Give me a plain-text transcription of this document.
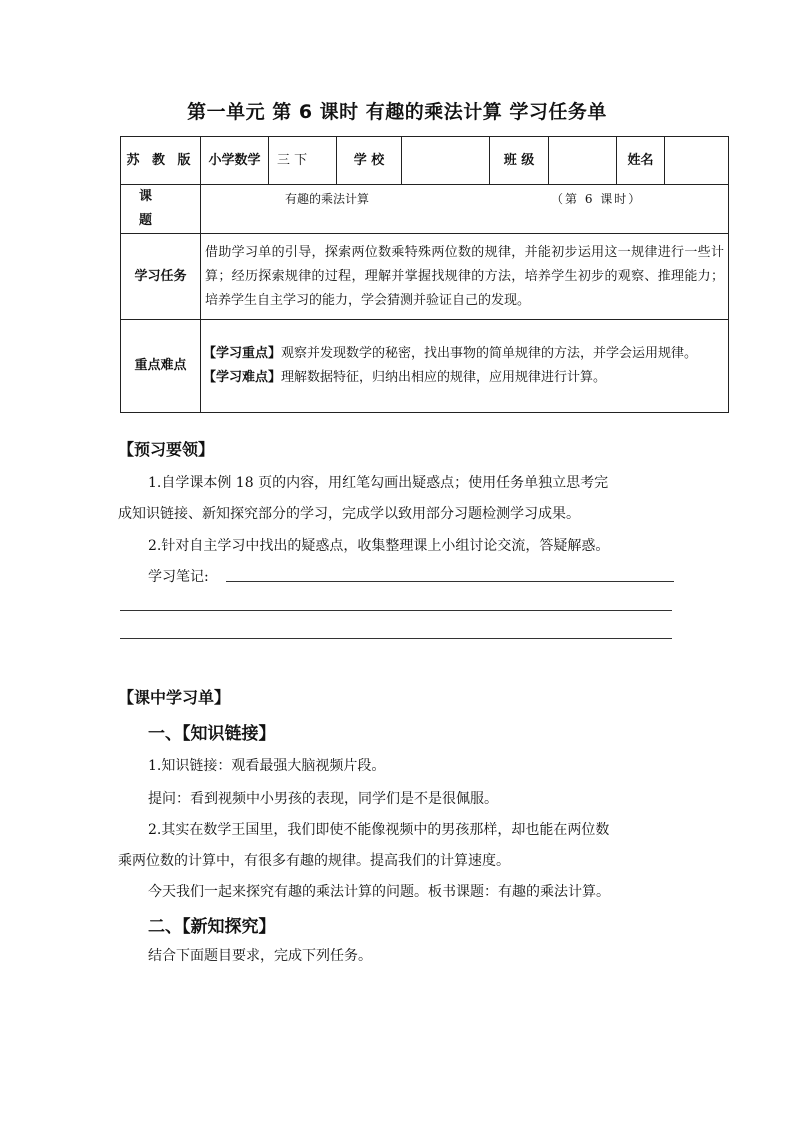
第一单元 第 6 课时 有趣的乘法计算 学习任务单
苏 教 版	小学数学	三 下	学 校		班 级		姓名	
课 题	有趣的乘法计算 （第 6 课时）							

学习任务	借助学习单的引导，探索两位数乘特殊两位数的规律，并能初步运用这一规律进行一些计算；经历探索规律的过程，理解并掌握找规律的方法，培养学生初步的观察、推理能力；培养学生自主学习的能力，学会猜测并验证自己的发现。							
重点难点	【学习重点】观察并发现数学的秘密，找出事物的简单规律的方法，并学会运用规律。
【学习难点】理解数据特征，归纳出相应的规律，应用规律进行计算。							
【预习要领】
1.自学课本例 18 页的内容，用红笔勾画出疑惑点；使用任务单独立思考完
成知识链接、新知探究部分的学习，完成学以致用部分习题检测学习成果。
2.针对自主学习中找出的疑惑点，收集整理课上小组讨论交流，答疑解惑。
学习笔记:
【课中学习单】
一、【知识链接】
1.知识链接：观看最强大脑视频片段。
提问：看到视频中小男孩的表现，同学们是不是很佩服。
2.其实在数学王国里，我们即使不能像视频中的男孩那样，却也能在两位数
乘两位数的计算中，有很多有趣的规律。提高我们的计算速度。
今天我们一起来探究有趣的乘法计算的问题。板书课题：有趣的乘法计算。
二、【新知探究】
结合下面题目要求，完成下列任务。
